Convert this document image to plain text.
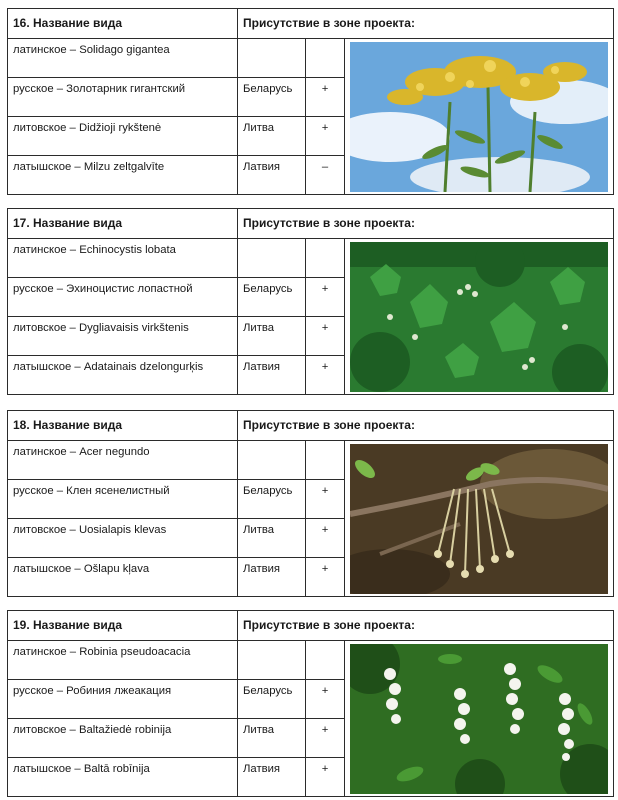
16. Название вида	Присутствие в зоне проекта:		
латинское – Solidago gigantea			

русское – Золотарник гигантский	Беларусь	+	
литовское – Didžioji rykštenė	Литва	+	
латышское – Milzu zeltgalvīte	Латвия	–	
17. Название вида	Присутствие в зоне проекта:		
латинское – Echinocystis lobata			

русское – Эхиноцистис лопастной	Беларусь	+	
литовское – Dygliavaisis virkštenis	Литва	+	
латышское – Adatainais dzelongurķis	Латвия	+	
18. Название вида	Присутствие в зоне проекта:		
латинское – Acer negundo			

русское – Клен ясенелистный	Беларусь	+	
литовское – Uosialapis klevas	Литва	+	
латышское – Ošlapu kļava	Латвия	+	
19. Название вида	Присутствие в зоне проекта:		
латинское – Robinia pseudoacacia			

русское – Робиния лжеакация	Беларусь	+	
литовское – Baltažiedė robinija	Литва	+	
латышское – Baltā robīnija	Латвия	+	
